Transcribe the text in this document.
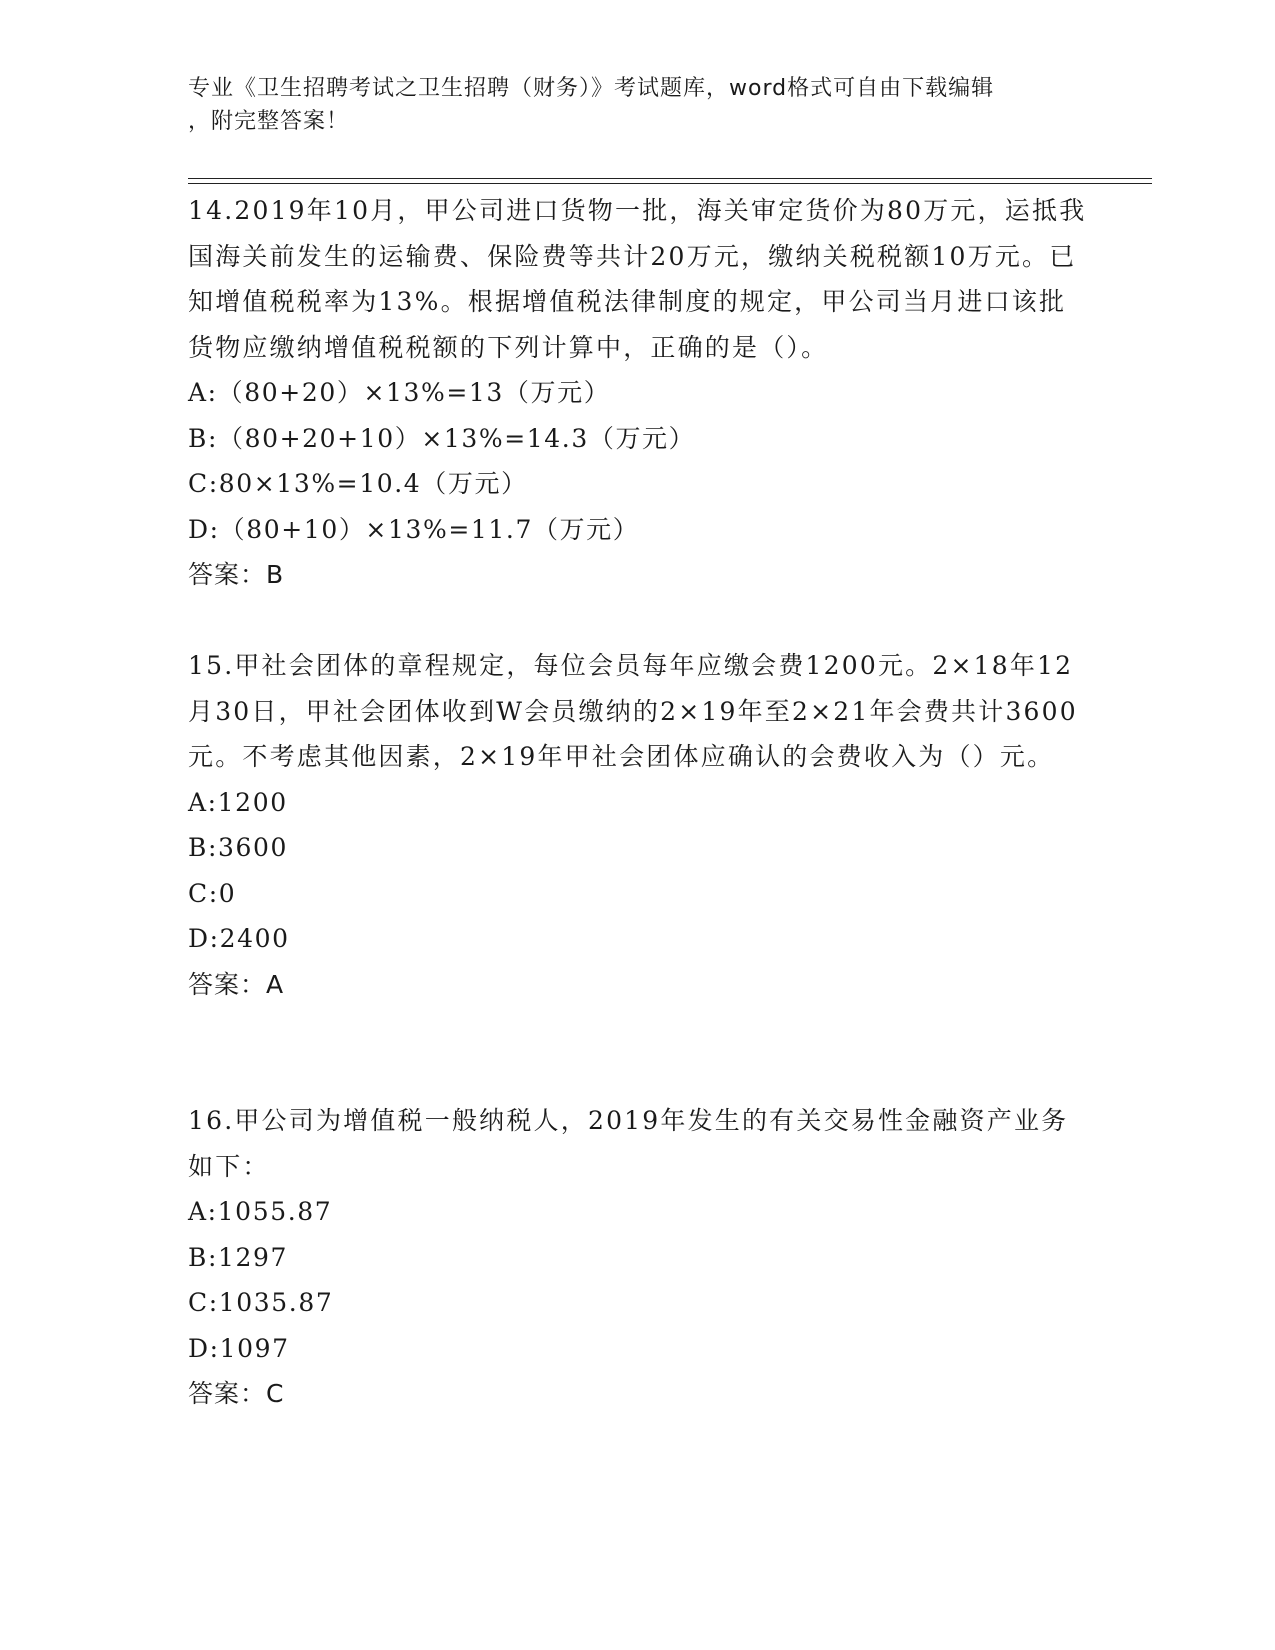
专业《卫生招聘考试之卫生招聘（财务）》考试题库，word格式可自由下载编辑
，附完整答案！
14.2019年10月，甲公司进口货物一批，海关审定货价为80万元，运抵我国海关前发生的运输费、保险费等共计20万元，缴纳关税税额10万元。已知增值税税率为13%。根据增值税法律制度的规定，甲公司当月进口该批货物应缴纳增值税税额的下列计算中，正确的是（）。
A:（80+20）×13%=13（万元）
B:（80+20+10）×13%=14.3（万元）
C:80×13%=10.4（万元）
D:（80+10）×13%=11.7（万元）
答案：B
15.甲社会团体的章程规定，每位会员每年应缴会费1200元。2×18年12月30日，甲社会团体收到W会员缴纳的2×19年至2×21年会费共计3600元。不考虑其他因素，2×19年甲社会团体应确认的会费收入为（）元。
A:1200
B:3600
C:0
D:2400
答案：A
16.甲公司为增值税一般纳税人，2019年发生的有关交易性金融资产业务如下：
A:1055.87
B:1297
C:1035.87
D:1097
答案：C
